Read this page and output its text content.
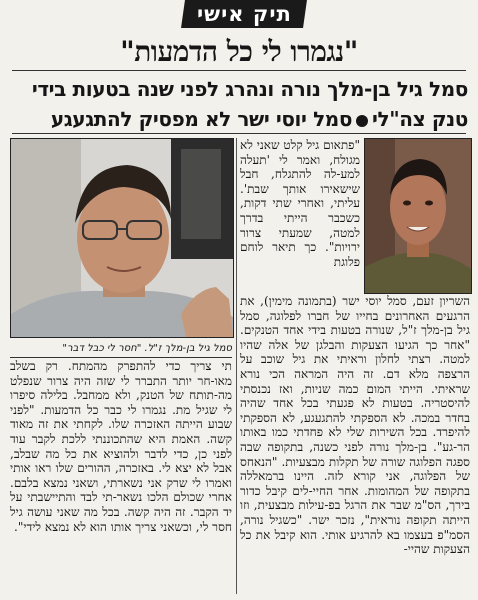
תיק אישי
"נגמרו לי כל הדמעות"
סמל גיל בן-מלך נורה ונהרג לפני שנה בטעות בידי
טנק צה"ליסמל יוסי ישר לא מפסיק להתגעגע
סמל גיל בן-מלך ז"ל. "חסר לי כבל דבר"

"פתאום גיל קלט שאני לא מגולח, ואמר לי 'תעלה למע-לה להתגלח, חבל שישאירו אותך שבת'. עליתי, ואחרי שתי דקות, כשכבר הייתי בדרך למטה, שמעתי צרור ירויות". כך תיאר לוחם פלוגת

השריון זעם, סמל יוסי ישר (בתמונה מימין), את הרגעים האחרונים בחייו של חברו לפלוגה, סמל גיל בן-מלך ז"ל, שנורה בטעות בידי אחד הטנקים. "אחר כך הגיעו הצעקות והבלגן של אלה שהיו למטה. רצתי לחלון וראיתי את גיל שוכב על הרצפה מלא דם. זה היה המראה הכי נורא שראיתי. הייתי המום כמה שניות, ואז נכנסתי להיסטריה. בטעות לא פגעתי בכל אחד שהיה בחדר במכה. לא הספקתי להתגעגע, לא הספקתי להיפרד. בכל השירות שלי לא פחדתי כמו באותו הר-גע". בן-מלך נורה לפני כשנה, בתקופה שבה ספגה הפלוגה שורה של תקלות מבצעיות. "הנאחס של הפלוגה, אני קורא לזה. היינו ברמאללה בתקופה של המהומות. אחר החיי-לים קיבל כדור בירך, הס"מ שבר את הרגל בפ-עילות מבצעית, וזו הייתה תקופה נוראית", נזכר ישר. "כשגיל נורה, הסמ"פ בעצמו בא להרגיע אותי. הוא קיבל את כל הצעקות שהיי-

תי צריך כדי להתפרק מהמתח. רק בשלב מאו-חר יותר התברר לי שזה היה צרור שנפלט מה-תותח של הטנק, ולא ממחבל. בלילה סיפרו לי שגיל מת. נגמרו לי כבר כל הדמעות. "לפני שבוע הייתה האזכרה שלו. לקחתי את זה מאוד קשה. האמת היא שהתכוננתי ללכת לקבר עוד לפני כן, כדי לדבר ולהוציא את כל מה שבלב, אבל לא יצא לי. באזכרה, ההורים שלו ראו אותי ואמרו לי שרק אני נשארתי, ושאני נמצא בלבם. אחרי שכולם הלכו נשאר-תי לבד והתיישבתי על יד הקבר. זה היה קשה. בכל מה שאני עושה גיל חסר לי, וכשאני צריך אותו הוא לא נמצא לידי".
